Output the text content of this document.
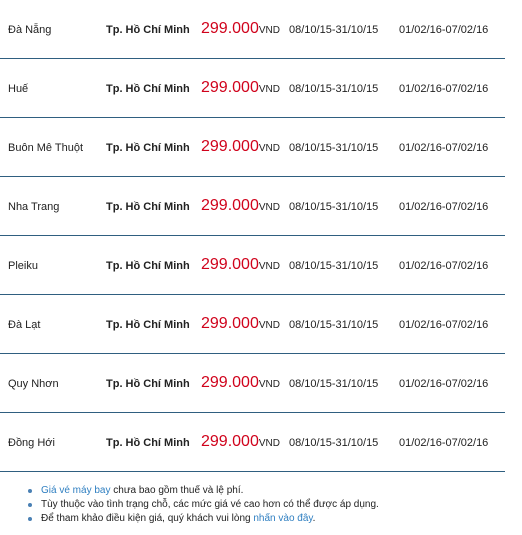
Đà Nẵng	Tp. Hồ Chí Minh 299.000VND 08/10/15-31/10/15 01/02/16-07/02/16
Huế	Tp. Hồ Chí Minh 299.000VND 08/10/15-31/10/15 01/02/16-07/02/16
Buôn Mê Thuột Tp. Hồ Chí Minh 299.000VND 08/10/15-31/10/15 01/02/16-07/02/16
Nha Trang	Tp. Hồ Chí Minh 299.000VND 08/10/15-31/10/15 01/02/16-07/02/16
Pleiku	Tp. Hồ Chí Minh 299.000VND 08/10/15-31/10/15 01/02/16-07/02/16
Đà Lạt	Tp. Hồ Chí Minh 299.000VND 08/10/15-31/10/15 01/02/16-07/02/16
Quy Nhơn	Tp. Hồ Chí Minh 299.000VND 08/10/15-31/10/15 01/02/16-07/02/16
Đồng Hới	Tp. Hồ Chí Minh 299.000VND 08/10/15-31/10/15 01/02/16-07/02/16
Giá vé máy bay chưa bao gồm thuế và lệ phí.
Tùy thuộc vào tình trạng chỗ, các mức giá vé cao hơn có thể được áp dụng.
Để tham khảo điều kiện giá, quý khách vui lòng nhấn vào đây.
